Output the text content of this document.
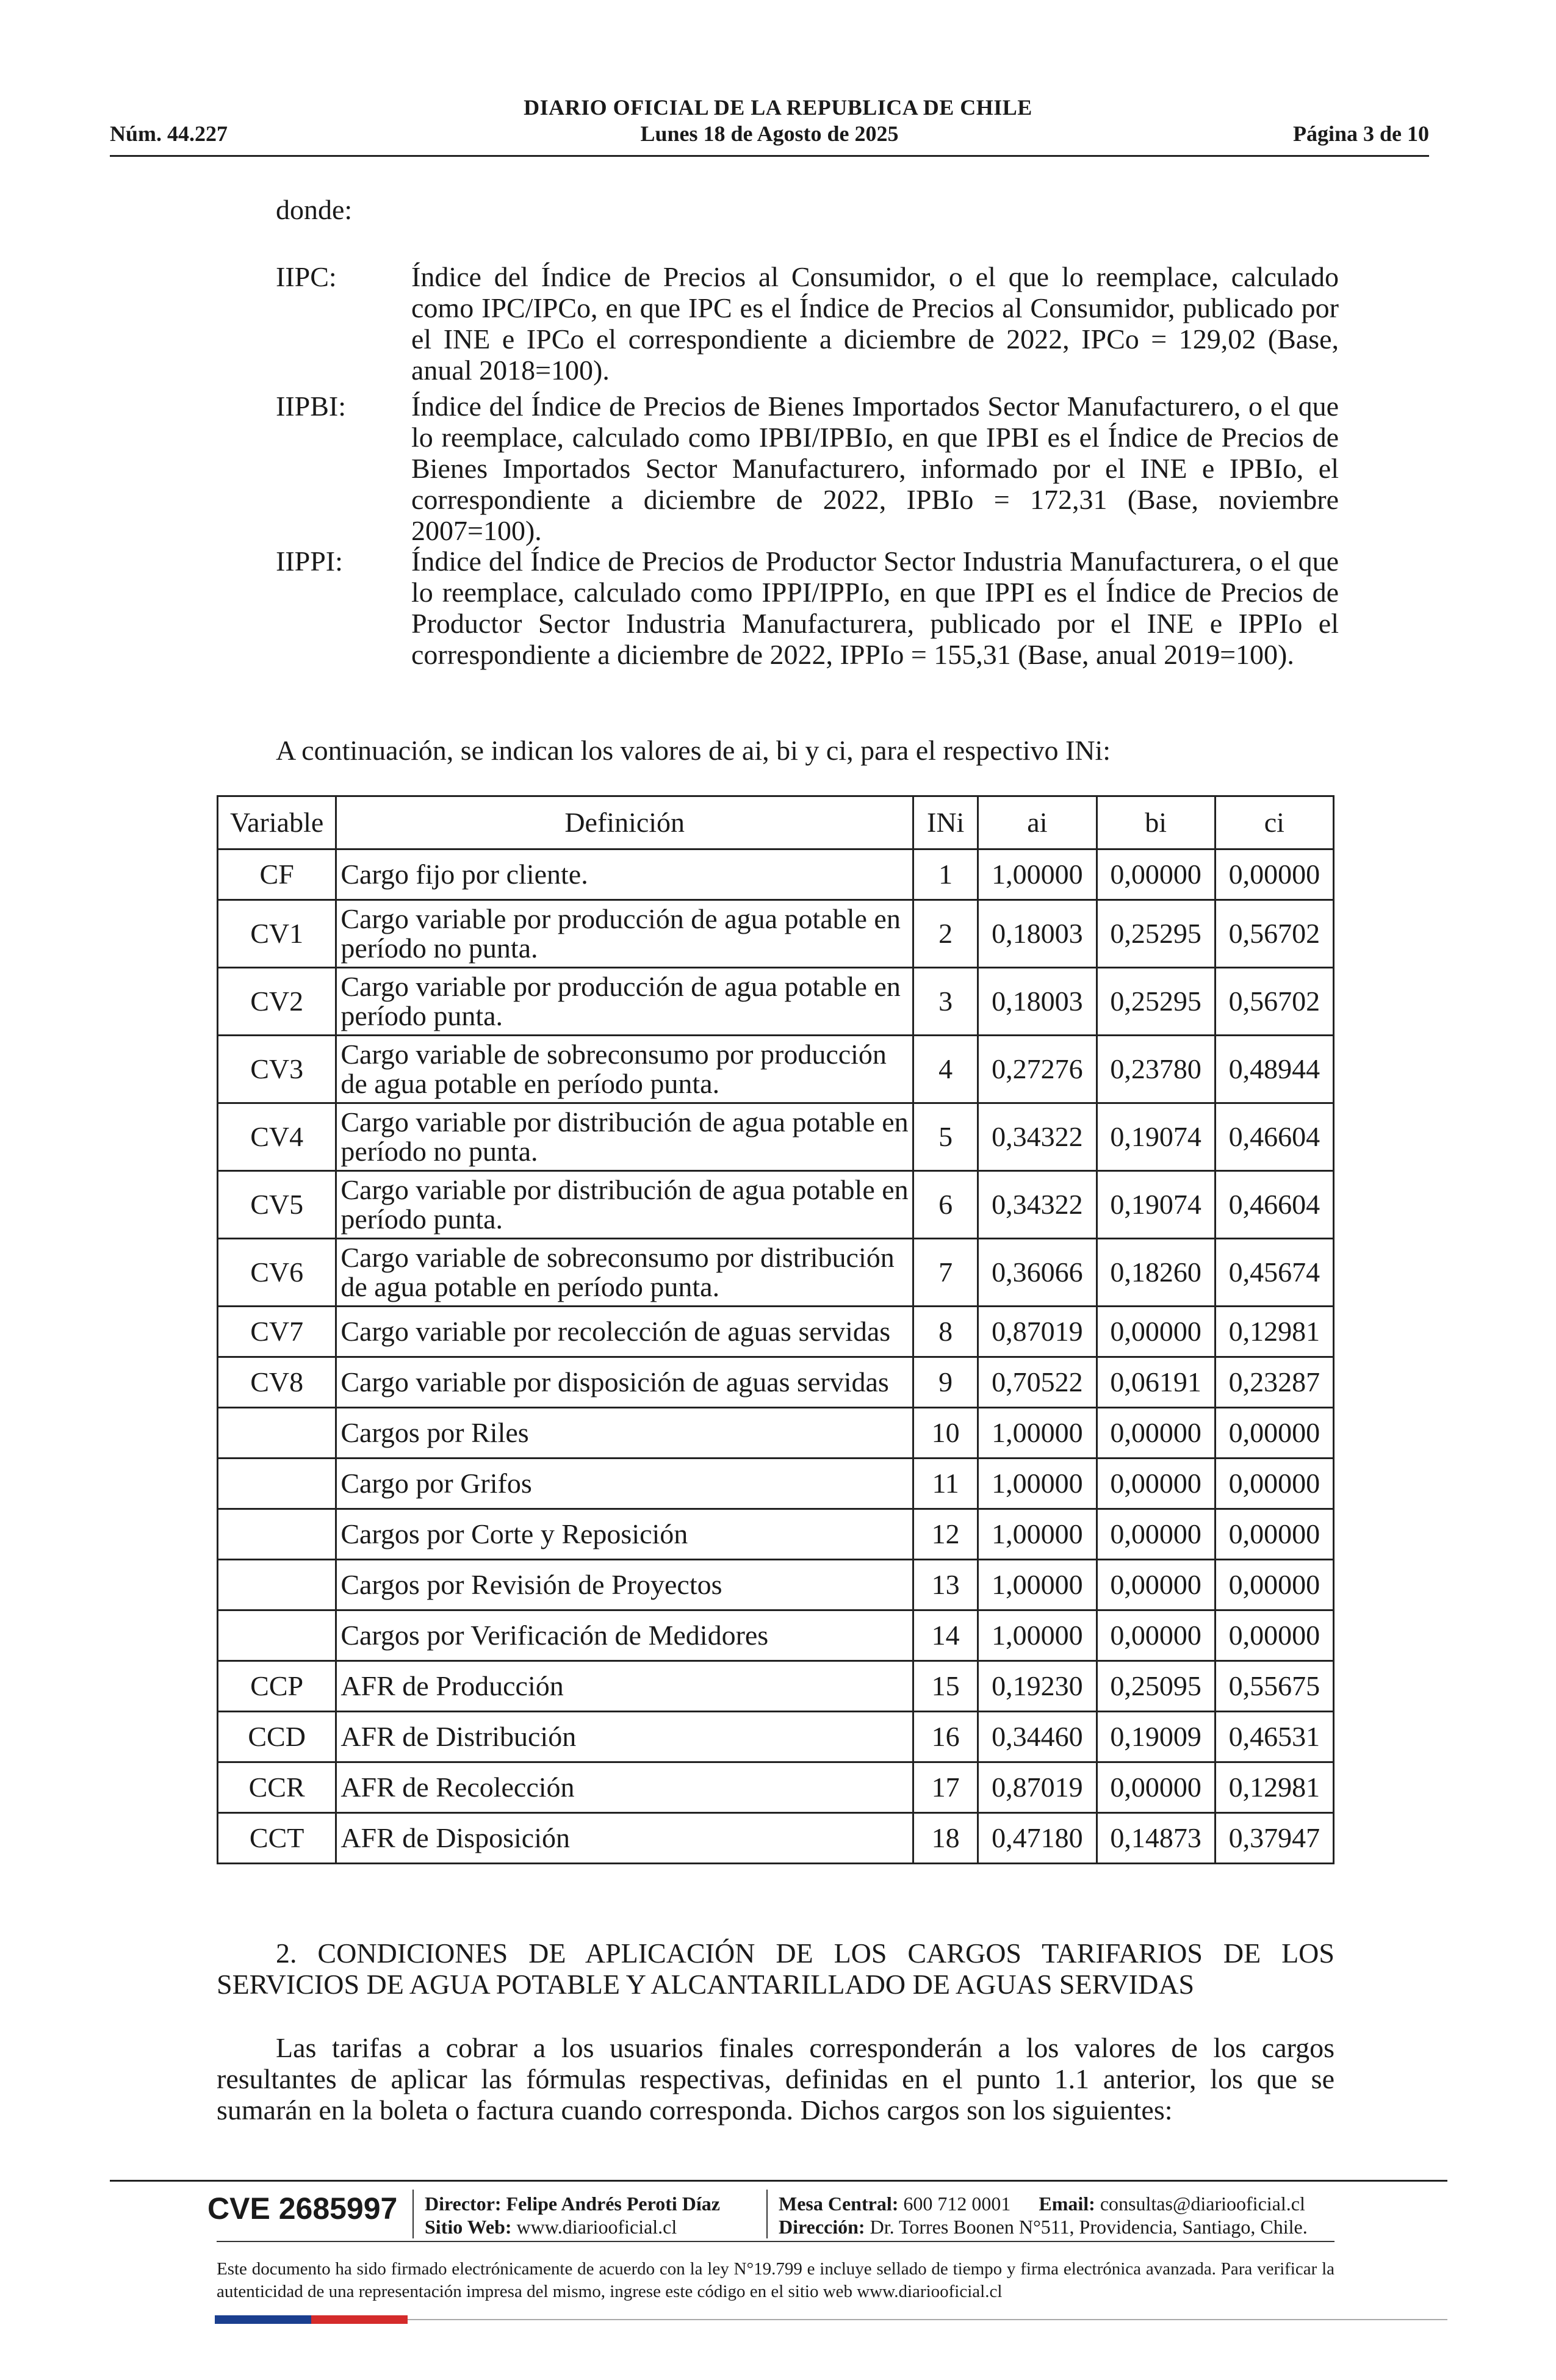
DIARIO OFICIAL DE LA REPUBLICA DE CHILE
Núm. 44.227	Lunes 18 de Agosto de 2025	Página 3 de 10
donde:
IIPC:	Índice del Índice de Precios al Consumidor, o el que lo reemplace, calculado como IPC/IPCo, en que IPC es el Índice de Precios al Consumidor, publicado por el INE e IPCo el correspondiente a diciembre de 2022, IPCo = 129,02 (Base, anual 2018=100).
IIPBI: Índice del Índice de Precios de Bienes Importados Sector Manufacturero, o el que lo reemplace, calculado como IPBI/IPBIo, en que IPBI es el Índice de Precios de Bienes Importados Sector Manufacturero, informado por el INE e IPBIo, el correspondiente a diciembre de 2022, IPBIo = 172,31 (Base, noviembre 2007=100).
IIPPI: Índice del Índice de Precios de Productor Sector Industria Manufacturera, o el que lo reemplace, calculado como IPPI/IPPIo, en que IPPI es el Índice de Precios de Productor Sector Industria Manufacturera, publicado por el INE e IPPIo el correspondiente a diciembre de 2022, IPPIo = 155,31 (Base, anual 2019=100).
A continuación, se indican los valores de ai, bi y ci, para el respectivo INi:
Variable	Definición	INi	ai	bi	ci
CF	Cargo fijo por cliente.	1	1,00000	0,00000	0,00000
CV1	Cargo variable por producción de agua potable en período no punta.	2	0,18003	0,25295	0,56702
CV2	Cargo variable por producción de agua potable en período punta.	3	0,18003	0,25295	0,56702
CV3	Cargo variable de sobreconsumo por producción de agua potable en período punta.	4	0,27276	0,23780	0,48944
CV4	Cargo variable por distribución de agua potable en período no punta.	5	0,34322	0,19074	0,46604
CV5	Cargo variable por distribución de agua potable en período punta.	6	0,34322	0,19074	0,46604
CV6	Cargo variable de sobreconsumo por distribución de agua potable en período punta.	7	0,36066	0,18260	0,45674
CV7	Cargo variable por recolección de aguas servidas	8	0,87019	0,00000	0,12981
CV8	Cargo variable por disposición de aguas servidas	9	0,70522	0,06191	0,23287
	Cargos por Riles	10	1,00000	0,00000	0,00000
	Cargo por Grifos	11	1,00000	0,00000	0,00000
	Cargos por Corte y Reposición	12	1,00000	0,00000	0,00000
	Cargos por Revisión de Proyectos	13	1,00000	0,00000	0,00000
	Cargos por Verificación de Medidores	14	1,00000	0,00000	0,00000
CCP	AFR de Producción	15	0,19230	0,25095	0,55675
CCD	AFR de Distribución	16	0,34460	0,19009	0,46531
CCR	AFR de Recolección	17	0,87019	0,00000	0,12981
CCT	AFR de Disposición	18	0,47180	0,14873	0,37947
2. CONDICIONES DE APLICACIÓN DE LOS CARGOS TARIFARIOS DE LOS SERVICIOS DE AGUA POTABLE Y ALCANTARILLADO DE AGUAS SERVIDAS
Las tarifas a cobrar a los usuarios finales corresponderán a los valores de los cargos resultantes de aplicar las fórmulas respectivas, definidas en el punto 1.1 anterior, los que se sumarán en la boleta o factura cuando corresponda. Dichos cargos son los siguientes:
CVE 2685997 Director: Felipe Andrés Peroti Díaz
Sitio Web: www.diariooficial.cl
Mesa Central: 600 712 0001 Email: consultas@diariooficial.cl
Dirección: Dr. Torres Boonen N°511, Providencia, Santiago, Chile.
Este documento ha sido firmado electrónicamente de acuerdo con la ley N°19.799 e incluye sellado de tiempo y firma electrónica avanzada. Para verificar la autenticidad de una representación impresa del mismo, ingrese este código en el sitio web www.diariooficial.cl
